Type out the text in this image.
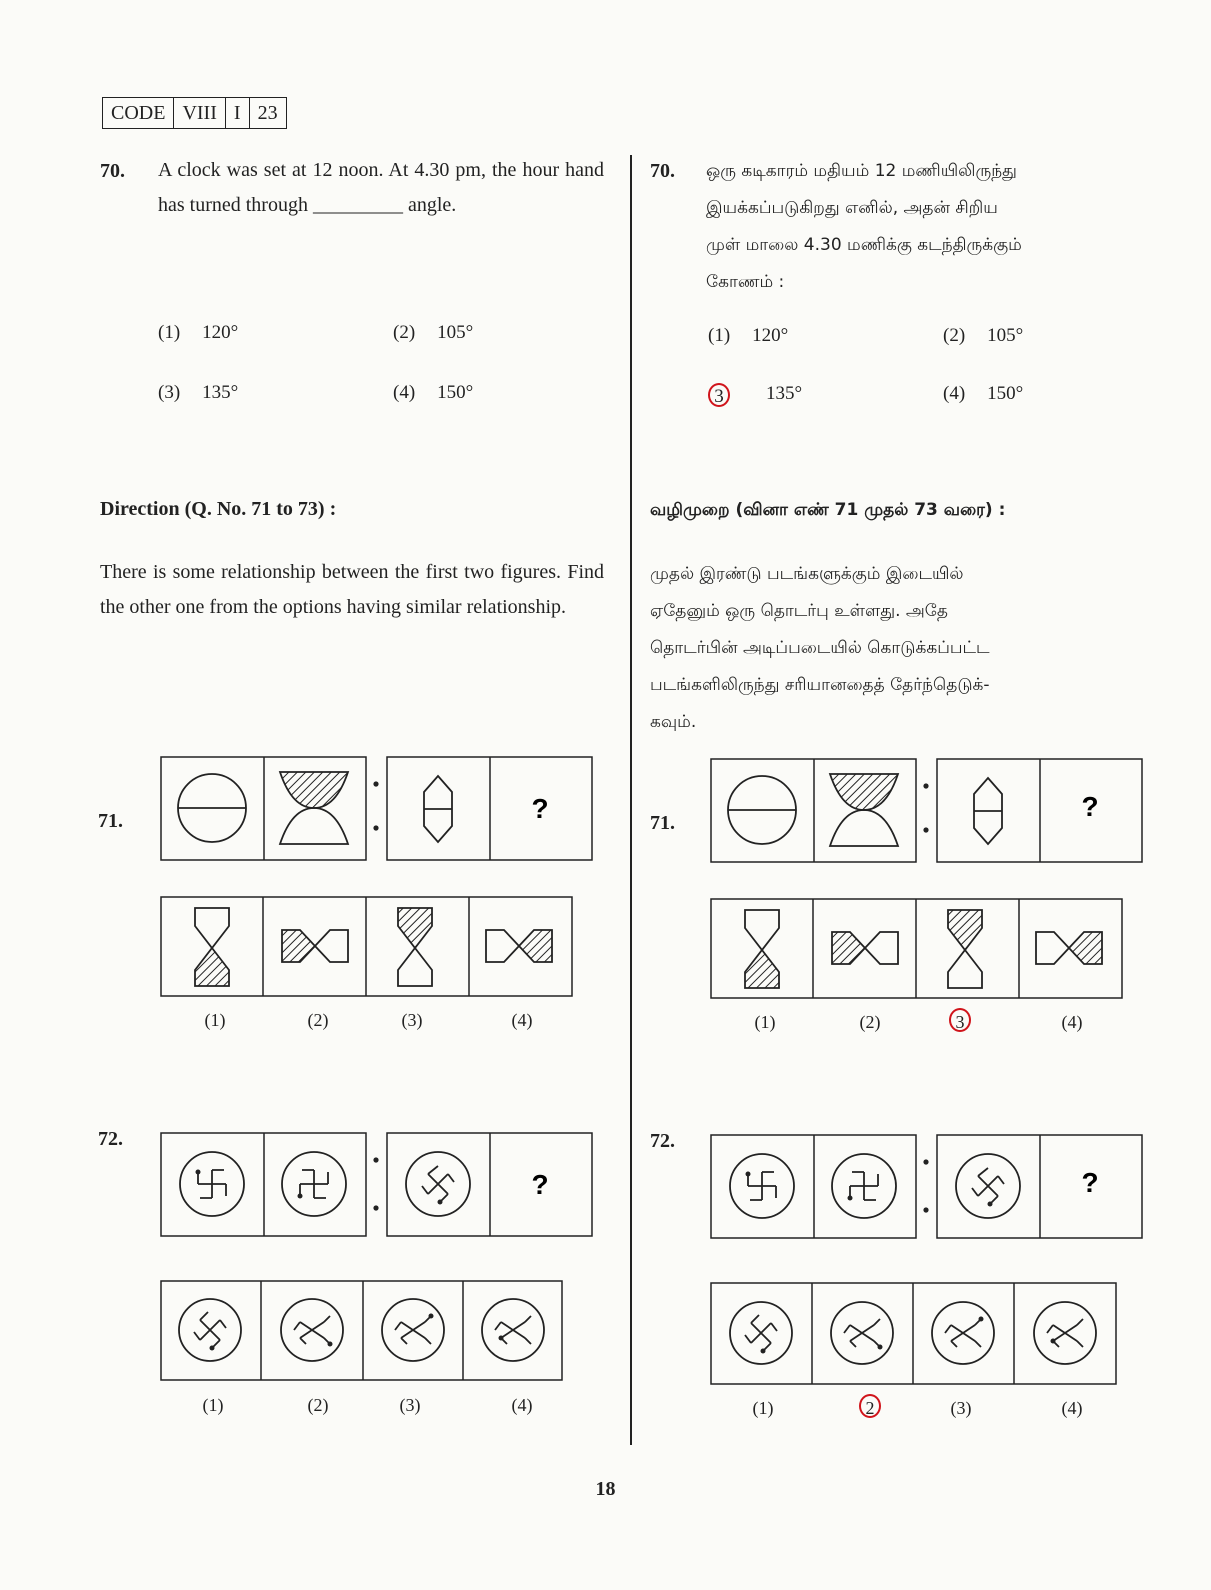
CODE VIII I 23
70. A clock was set at 12 noon. At 4.30 pm, the hour hand has turned through _________ angle.
(1) 120°	(2) 105°
(3) 135°	(4) 150°
Direction (Q. No. 71 to 73) :
There is some relationship between the first two figures. Find the other one from the options having similar relationship.
71.	?
(1)	(2)	(3)	(4)
72.
?
(1)	(2)	(3)	(4)
70. ஒரு கடிகாரம் மதியம் 12 மணியிலிருந்து
இயக்கப்படுகிறது எனில், அதன் சிறிய
முள் மாலை 4.30 மணிக்கு கடந்திருக்கும்
கோணம் :
(1) 120°	(2) 105°
3	135°	(4) 150°
வழிமுறை (வினா எண் 71 முதல் 73 வரை) :
முதல் இரண்டு படங்களுக்கும் இடையில்
ஏதேனும் ஒரு தொடர்பு உள்ளது. அதே
தொடர்பின் அடிப்படையில் கொடுக்கப்பட்ட
படங்களிலிருந்து சரியானதைத் தேர்ந்தெடுக்-
கவும்.
71.
?
(1)	(2)	3	(4)
72.
?
(1)	2	(3)	(4)
18
